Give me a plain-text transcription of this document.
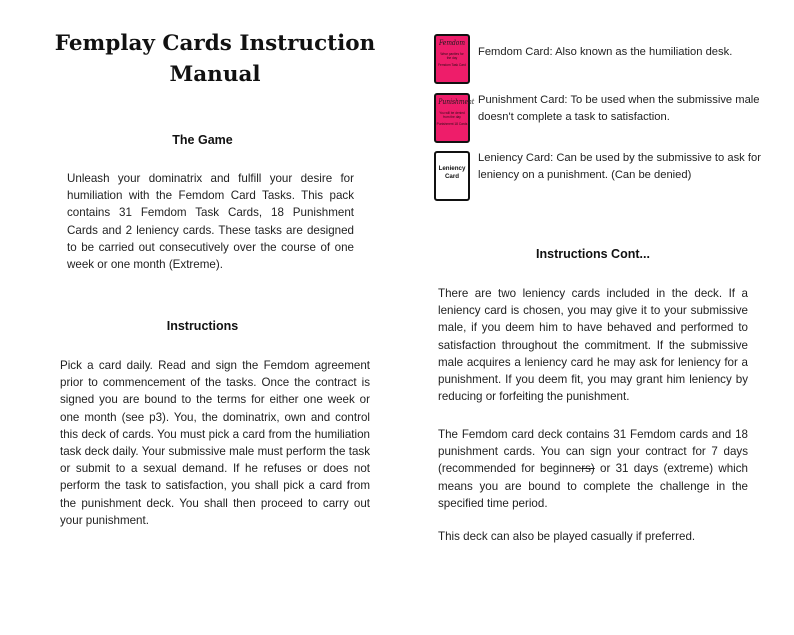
Femplay Cards Instruction Manual
The Game
Unleash your dominatrix and fulfill your desire for humiliation with the Femdom Card Tasks. This pack contains 31 Femdom Task Cards, 18 Punishment Cards and 2 leniency cards. These tasks are designed to be carried out consecutively over the course of one week or one month (Extreme).
Instructions
Pick a card daily. Read and sign the Femdom agreement prior to commencement of the tasks. Once the contract is signed you are bound to the terms for either one week or one month (see p3). You, the dominatrix, own and control this deck of cards. You must pick a card from the humiliation task deck daily. Your submissive male must perform the task or submit to a sexual demand. If he refuses or does not perform the task to satisfaction, you shall pick a card from the punishment deck. You shall then proceed to carry out your punishment.
Femdom
Wear panties for the day
Femdom Task Card
Femdom Card: Also known as the humiliation desk.
Punishment
You will be denied from the day
Punishment 18 Cards
Punishment Card: To be used when the submissive male doesn't complete a task to satisfaction.
Leniency Card
Leniency Card: Can be used by the submissive to ask for leniency on a punishment. (Can be denied)
Instructions Cont...
There are two leniency cards included in the deck. If a leniency card is chosen, you may give it to your submissive male, if you deem him to have behaved and performed to satisfaction throughout the commitment. If the submissive male acquires a leniency card he may ask for leniency for a punishment. If you deem fit, you may grant him leniency by reducing or forfeiting the punishment.
The Femdom card deck contains 31 Femdom cards and 18 punishment cards. You can sign your contract for 7 days (recommended for beginners) or 31 days (extreme) which means you are bound to complete the challenge in the specified time period.
This deck can also be played casually if preferred.
